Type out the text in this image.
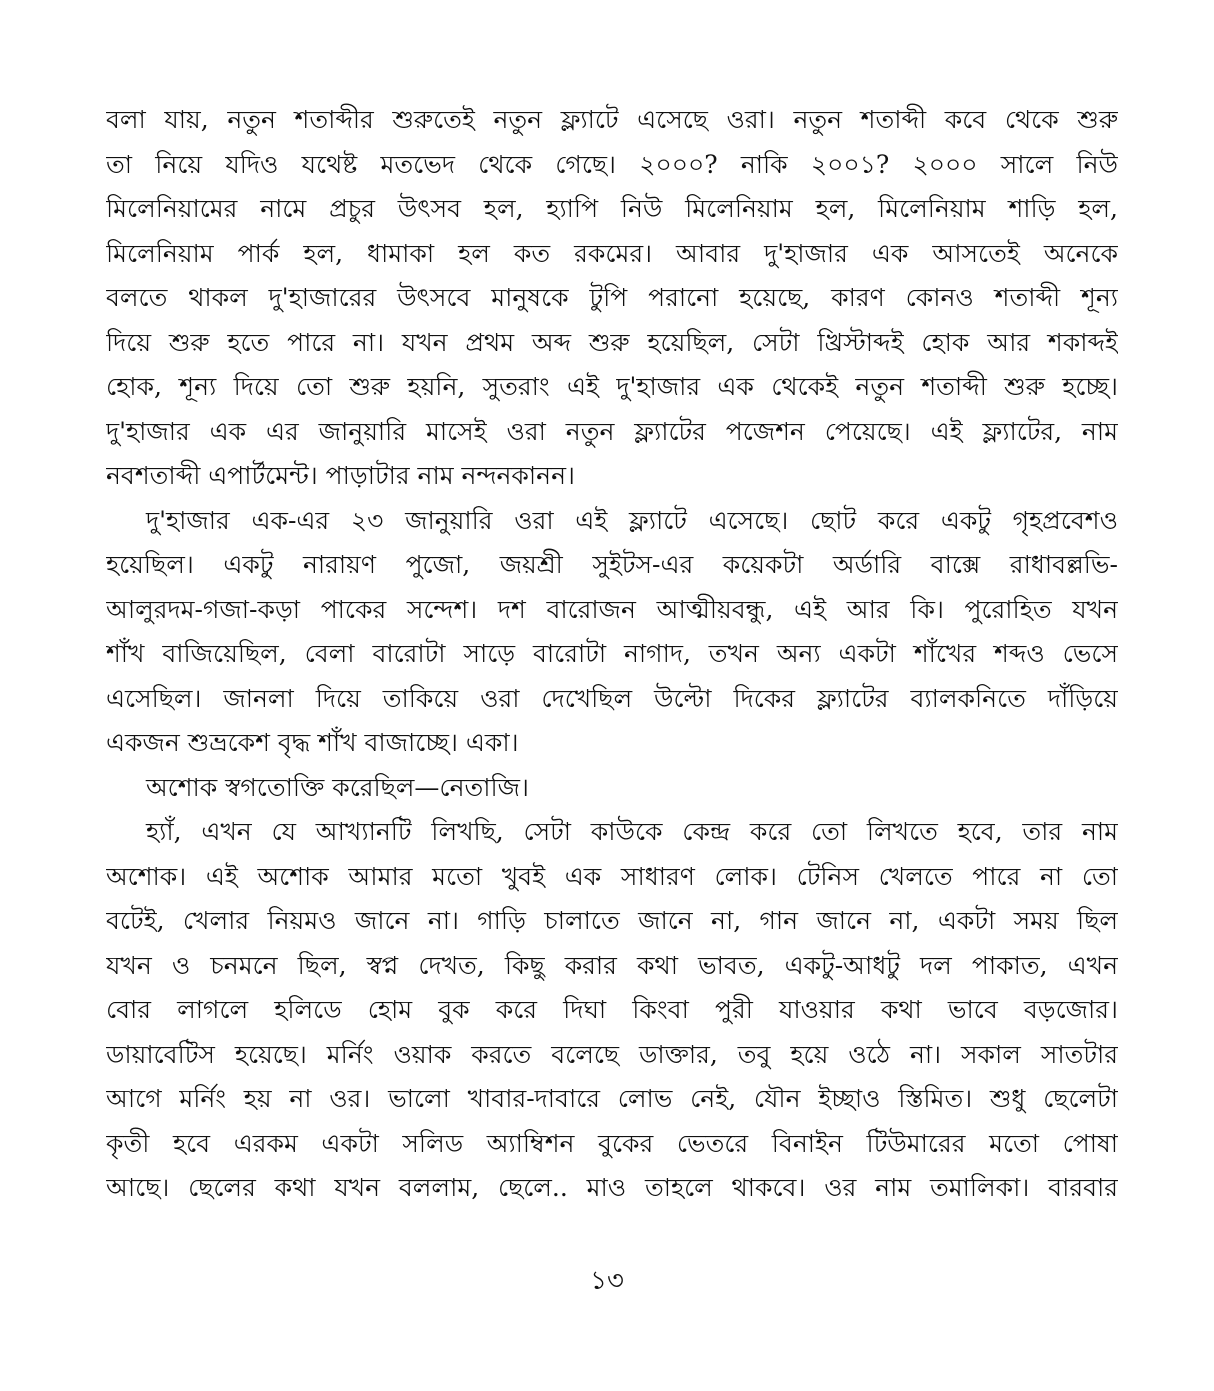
বলা যায়, নতুন শতাব্দীর শুরুতেই নতুন ফ্ল্যাটে এসেছে ওরা। নতুন শতাব্দী কবে থেকে শুরু
তা নিয়ে যদিও যথেষ্ট মতভেদ থেকে গেছে। ২০০০? নাকি ২০০১? ২০০০ সালে নিউ
মিলেনিয়ামের নামে প্রচুর উৎসব হল, হ্যাপি নিউ মিলেনিয়াম হল, মিলেনিয়াম শাড়ি হল,
মিলেনিয়াম পার্ক হল, ধামাকা হল কত রকমের। আবার দু'হাজার এক আসতেই অনেকে
বলতে থাকল দু'হাজারের উৎসবে মানুষকে টুপি পরানো হয়েছে, কারণ কোনও শতাব্দী শূন্য
দিয়ে শুরু হতে পারে না। যখন প্রথম অব্দ শুরু হয়েছিল, সেটা খ্রিস্টাব্দই হোক আর শকাব্দই
হোক, শূন্য দিয়ে তো শুরু হয়নি, সুতরাং এই দু'হাজার এক থেকেই নতুন শতাব্দী শুরু হচ্ছে।
দু'হাজার এক এর জানুয়ারি মাসেই ওরা নতুন ফ্ল্যাটের পজেশন পেয়েছে। এই ফ্ল্যাটের, নাম
নবশতাব্দী এপার্টমেন্ট। পাড়াটার নাম নন্দনকানন।
দু'হাজার এক-এর ২৩ জানুয়ারি ওরা এই ফ্ল্যাটে এসেছে। ছোট করে একটু গৃহপ্রবেশও
হয়েছিল। একটু নারায়ণ পুজো, জয়শ্রী সুইটস-এর কয়েকটা অর্ডারি বাক্সে রাধাবল্লভি-
আলুরদম-গজা-কড়া পাকের সন্দেশ। দশ বারোজন আত্মীয়বন্ধু, এই আর কি। পুরোহিত যখন
শাঁখ বাজিয়েছিল, বেলা বারোটা সাড়ে বারোটা নাগাদ, তখন অন্য একটা শাঁখের শব্দও ভেসে
এসেছিল। জানলা দিয়ে তাকিয়ে ওরা দেখেছিল উল্টো দিকের ফ্ল্যাটের ব্যালকনিতে দাঁড়িয়ে
একজন শুভ্রকেশ বৃদ্ধ শাঁখ বাজাচ্ছে। একা।
অশোক স্বগতোক্তি করেছিল—নেতাজি।
হ্যাঁ, এখন যে আখ্যানটি লিখছি, সেটা কাউকে কেন্দ্র করে তো লিখতে হবে, তার নাম
অশোক। এই অশোক আমার মতো খুবই এক সাধারণ লোক। টেনিস খেলতে পারে না তো
বটেই, খেলার নিয়মও জানে না। গাড়ি চালাতে জানে না, গান জানে না, একটা সময় ছিল
যখন ও চনমনে ছিল, স্বপ্ন দেখত, কিছু করার কথা ভাবত, একটু-আধটু দল পাকাত, এখন
বোর লাগলে হলিডে হোম বুক করে দিঘা কিংবা পুরী যাওয়ার কথা ভাবে বড়জোর।
ডায়াবেটিস হয়েছে। মর্নিং ওয়াক করতে বলেছে ডাক্তার, তবু হয়ে ওঠে না। সকাল সাতটার
আগে মর্নিং হয় না ওর। ভালো খাবার-দাবারে লোভ নেই, যৌন ইচ্ছাও স্তিমিত। শুধু ছেলেটা
কৃতী হবে এরকম একটা সলিড অ্যাম্বিশন বুকের ভেতরে বিনাইন টিউমারের মতো পোষা
আছে। ছেলের কথা যখন বললাম, ছেলে.. মাও তাহলে থাকবে। ওর নাম তমালিকা। বারবার
১৩
